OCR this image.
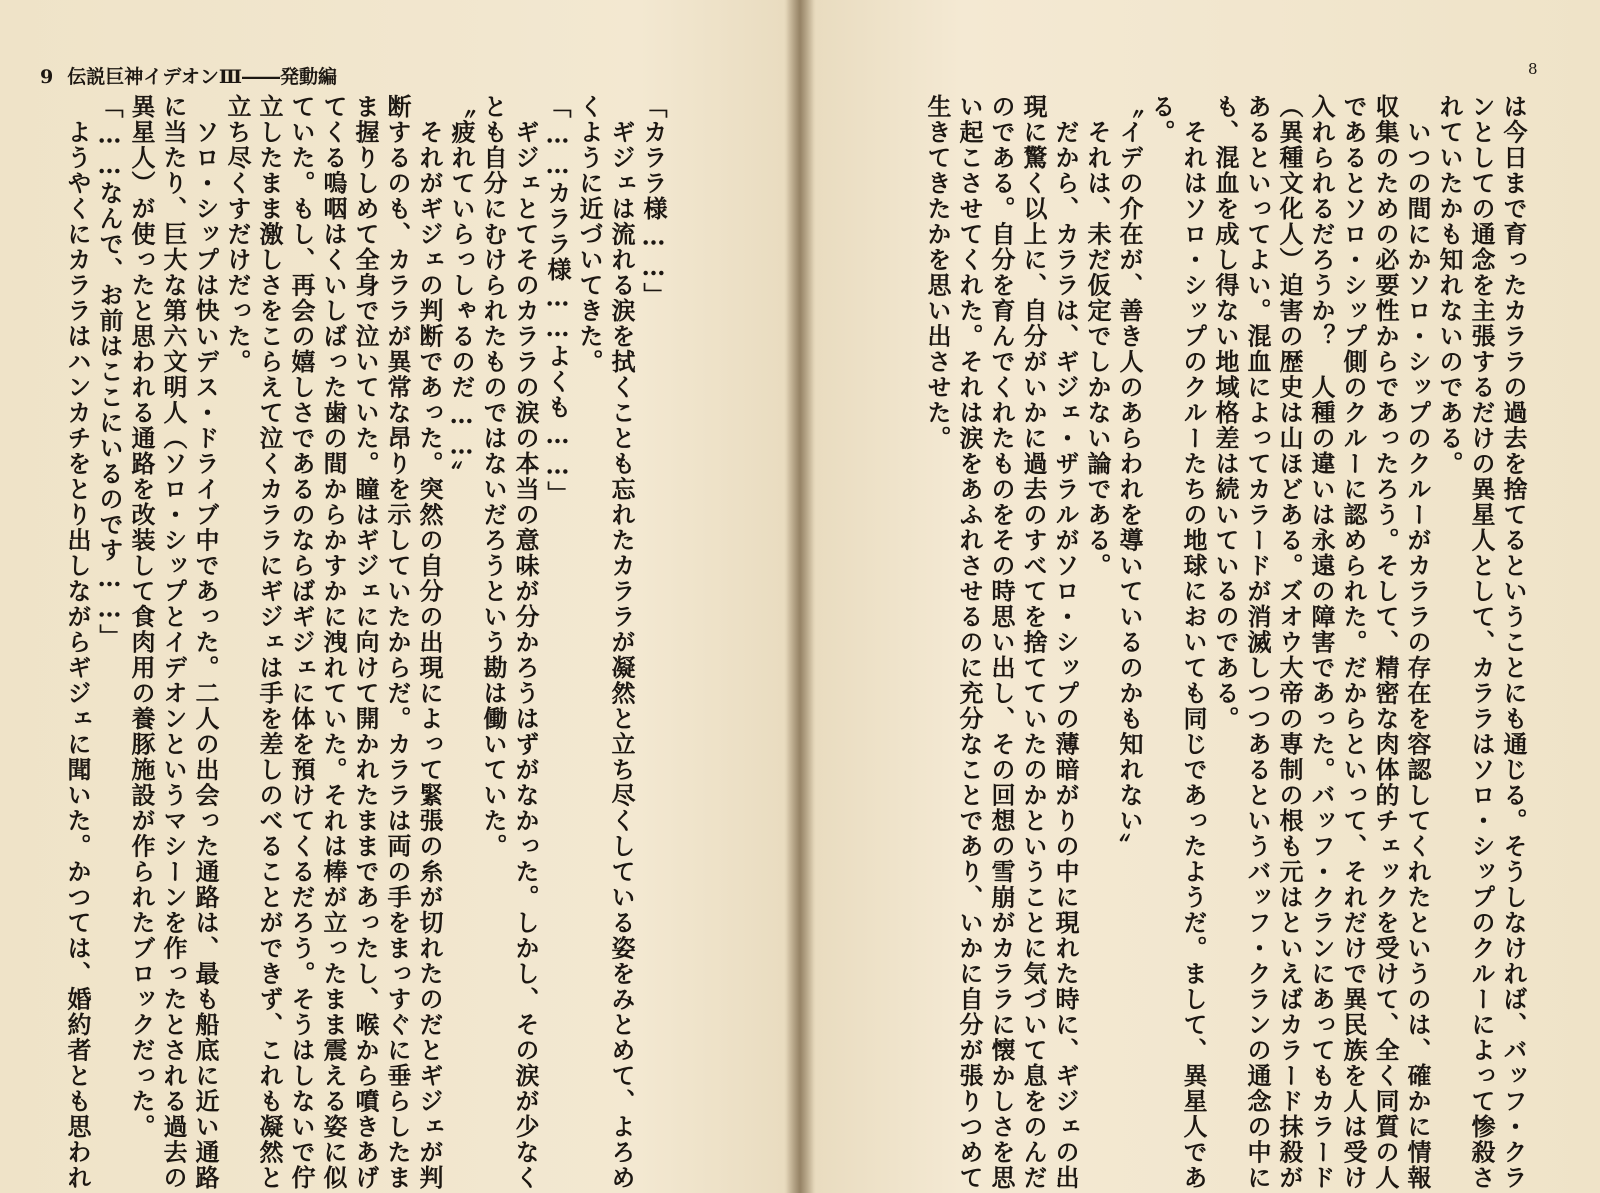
9 伝説巨神イデオンⅢ――発動編
「カララ様……」
　ギジェは流れる涙を拭くことも忘れたカララが凝然と立ち尽くしている姿をみとめて、よろめ
くように近づいてきた。
「……カララ様……よくも……」
　ギジェとてそのカララの涙の本当の意味が分かろうはずがなかった。しかし、その涙が少なく
とも自分にむけられたものではないだろうという勘は働いていた。
〝疲れていらっしゃるのだ……〟
　それがギジェの判断であった。突然の自分の出現によって緊張の糸が切れたのだとギジェが判
断するのも、カララが異常な昂りを示していたからだ。カララは両の手をまっすぐに垂らしたま
ま握りしめて全身で泣いていた。瞳はギジェに向けて開かれたままであったし、喉から噴きあげ
てくる嗚咽はくいしばった歯の間からかすかに洩れていた。それは棒が立ったまま震える姿に似
ていた。もし、再会の嬉しさであるのならばギジェに体を預けてくるだろう。そうはしないで佇
立したまま激しさをこらえて泣くカララにギジェは手を差しのべることができず、これも凝然と
立ち尽くすだけだった。
　ソロ・シップは快いデス・ドライブ中であった。二人の出会った通路は、最も船底に近い通路
に当たり、巨大な第六文明人（ソロ・シップとイデオンというマシーンを作ったとされる過去の
異星人）が使ったと思われる通路を改装して食肉用の養豚施設が作られたブロックだった。
「……なんで、お前はここにいるのです……」
　ようやくにカララはハンカチをとり出しながらギジェに聞いた。かつては、婚約者とも思われ	は今日まで育ったカララの過去を捨てるということにも通じる。そうしなければ、バッフ・クラ
ンとしての通念を主張するだけの異星人として、カララはソロ・シップのクルーによって惨殺さ
れていたかも知れないのである。
　いつの間にかソロ・シップのクルーがカララの存在を容認してくれたというのは、確かに情報
収集のための必要性からであったろう。そして、精密な肉体的チェックを受けて、全く同質の人
であるとソロ・シップ側のクルーに認められた。だからといって、それだけで異民族を人は受け
入れられるだろうか？　人種の違いは永遠の障害であった。バッフ・クランにあってもカラード
（異種文化人）迫害の歴史は山ほどある。ズオウ大帝の専制の根も元はといえばカラード抹殺が
あるといってよい。混血によってカラードが消滅しつつあるというバッフ・クランの通念の中に
も、混血を成し得ない地域格差は続いているのである。
　それはソロ・シップのクルーたちの地球においても同じであったようだ。まして、異星人であ
る。
〝イデの介在が、善き人のあらわれを導いているのかも知れない〟
　それは、未だ仮定でしかない論である。
　だから、カララは、ギジェ・ザラルがソロ・シップの薄暗がりの中に現れた時に、ギジェの出
現に驚く以上に、自分がいかに過去のすべてを捨てていたのかということに気づいて息をのんだ
のである。自分を育んでくれたものをその時思い出し、その回想の雪崩がカララに懐かしさを思
い起こさせてくれた。それは涙をあふれさせるのに充分なことであり、いかに自分が張りつめて
生きてきたかを思い出させた。
8
